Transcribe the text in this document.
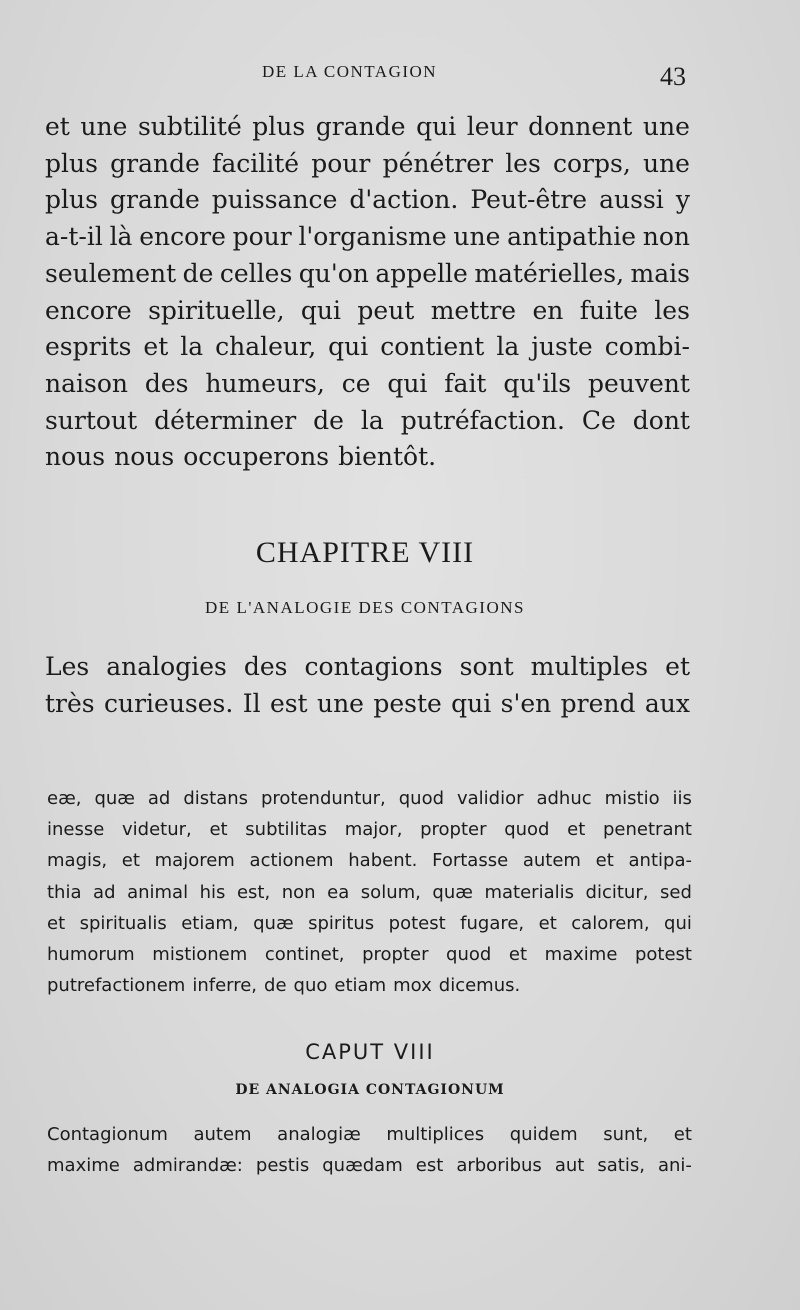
DE LA CONTAGION	43
et une subtilité plus grande qui leur donnent une
plus grande facilité pour pénétrer les corps, une
plus grande puissance d'action. Peut-être aussi y
a-t-il là encore pour l'organisme une antipathie non
seulement de celles qu'on appelle matérielles, mais
encore spirituelle, qui peut mettre en fuite les
esprits et la chaleur, qui contient la juste combi-
naison des humeurs, ce qui fait qu'ils peuvent
surtout déterminer de la putréfaction. Ce dont
nous nous occuperons bientôt.
CHAPITRE VIII
DE L'ANALOGIE DES CONTAGIONS
Les analogies des contagions sont multiples et
très curieuses. Il est une peste qui s'en prend aux
eæ, quæ ad distans protenduntur, quod validior adhuc mistio iis
inesse videtur, et subtilitas major, propter quod et penetrant
magis, et majorem actionem habent. Fortasse autem et antipa-
thia ad animal his est, non ea solum, quæ materialis dicitur, sed
et spiritualis etiam, quæ spiritus potest fugare, et calorem, qui
humorum mistionem continet, propter quod et maxime potest
putrefactionem inferre, de quo etiam mox dicemus.
CAPUT VIII
DE ANALOGIA CONTAGIONUM
Contagionum autem analogiæ multiplices quidem sunt, et
maxime admirandæ: pestis quædam est arboribus aut satis, ani-
